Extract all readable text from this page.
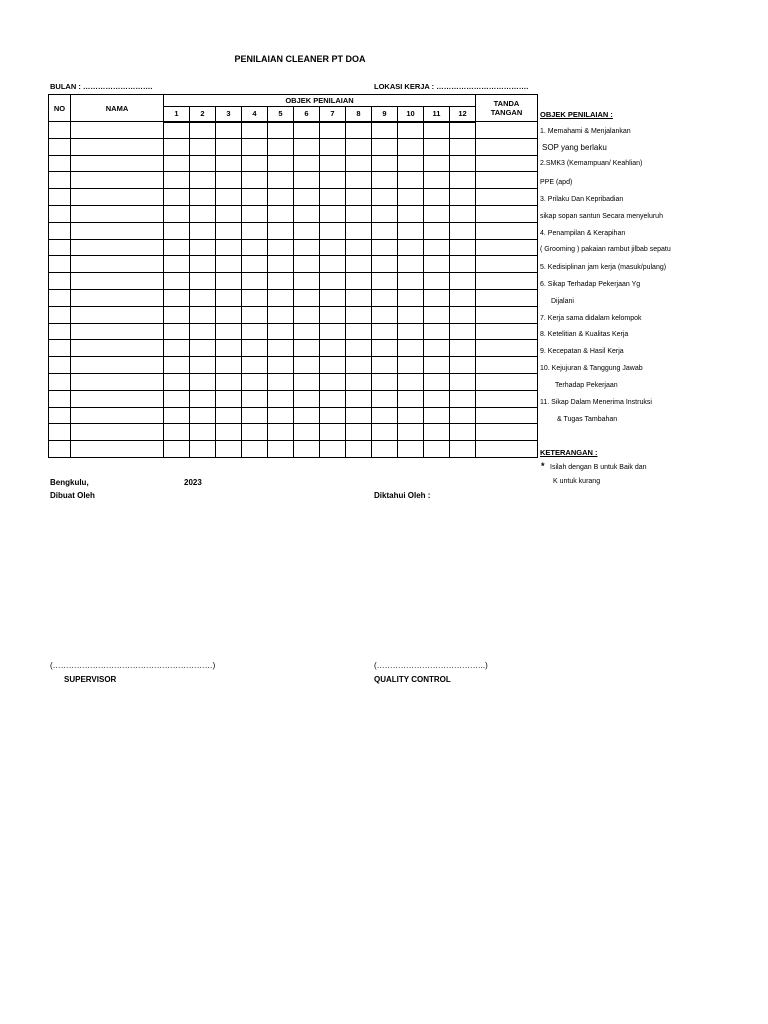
PENILAIAN CLEANER PT DOA
BULAN : ……………………….	LOKASI KERJA : ……………………………….
NO	NAMA	OBJEK PENILAIAN												TANDA
TANGAN
		1	2	3	4	5	6	7	8	9	10	11	12	

															OBJEK PENILAIAN :
1. Memahami & Menjalankan
SOP yang berlaku
2.SMK3 (Kemampuan/ Keahlian)
PPE (apd)
3. Prilaku Dan Kepribadian
sikap sopan santun Secara menyeluruh
4. Penampilan & Kerapihan
( Grooming ) pakaian rambut jilbab sepatu
5. Kedisiplinan jam kerja (masuk/pulang)
6. Sikap Terhadap Pekerjaan Yg
Dijalani
7. Kerja sama didalam kelompok
8. Ketelitian & Kualitas Kerja
9. Kecepatan & Hasil Kerja
10. Kejujuran & Tanggung Jawab
Terhadap Pekerjaan
11. Sikap Dalam Menerima Instruksi
& Tugas Tambahan
KETERANGAN :
* Isilah dengan B untuk Baik dan
K untuk kurang
Bengkulu,	2023
Dibuat Oleh	Diktahui Oleh :
(……………………………………………………)	(…………………………………..)
SUPERVISOR	QUALITY CONTROL
